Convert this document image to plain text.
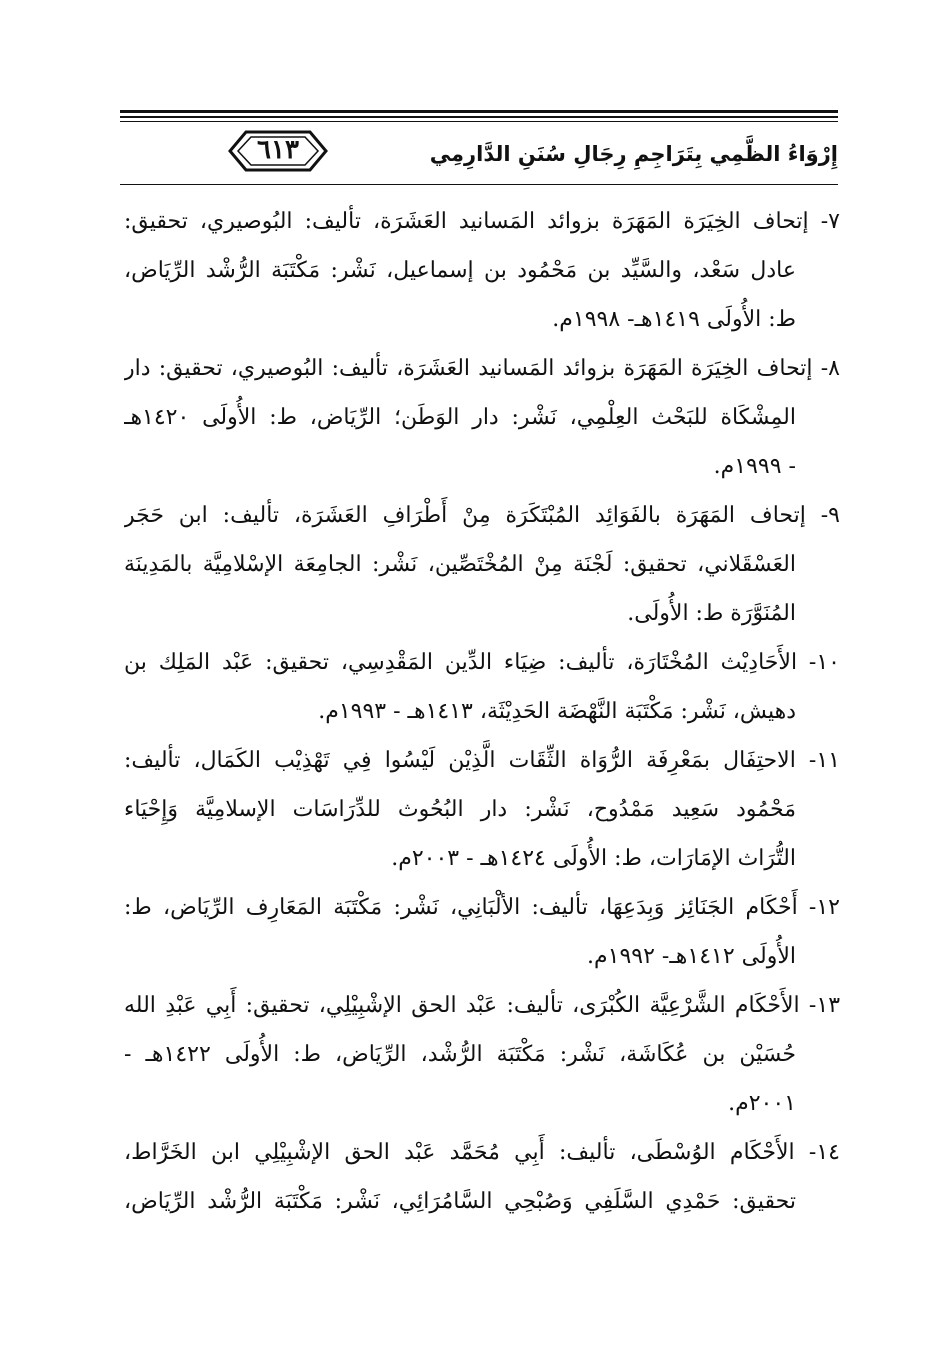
٦١٣	إِرْوَاءُ الظَّمِي بِتَرَاجِمِ رِجَالِ سُنَنِ الدَّارِمِي
٧- إتحاف الخِيَرَة المَهَرَة بزوائد المَسانيد العَشَرَة، تأليف: البُوصيري، تحقيق:
عادل سَعْد، والسَّيِّد بن مَحْمُود بن إسماعيل، نَشْر: مَكْتَبَة الرُّشْد الرِّيَاض،
ط: الأُولَى ١٤١٩هـ- ١٩٩٨م.
٨- إتحاف الخِيَرَة المَهَرَة بزوائد المَسانيد العَشَرَة، تأليف: البُوصيري، تحقيق: دار
المِشْكَاة للبَحْث العِلْمِي، نَشْر: دار الوَطَن؛ الرِّيَاض، ط: الأُولَى ١٤٢٠هـ
- ١٩٩٩م.
٩- إتحاف المَهَرَة بالفَوَائِد المُبْتَكَرَة مِنْ أَطْرَافِ العَشَرَة، تأليف: ابن حَجَر
العَسْقَلاني، تحقيق: لَجْنَة مِنْ المُخْتَصِّين، نَشْر: الجامِعَة الإسْلامِيَّة بالمَدِينَة
المُنَوَّرَة ط: الأُولَى.
١٠- الأَحَادِيْث المُخْتَارَة، تأليف: ضِيَاء الدِّين المَقْدِسِي، تحقيق: عَبْد المَلِك بن
دهيش، نَشْر: مَكْتَبَة النَّهْضَة الحَدِيْثَة، ١٤١٣هـ - ١٩٩٣م.
١١- الاحتِفَال بمَعْرِفَة الرُّوَاة الثِّقَات الَّذِيْن لَيْسُوا فِي تَهْذِيْب الكَمَال، تأليف:
مَحْمُود سَعِيد مَمْدُوح، نَشْر: دار البُحُوث للدِّرَاسَات الإسلامِيَّة وَإِحْيَاء
التُّرَاث الإمَارَات، ط: الأُولَى ١٤٢٤هـ - ٢٠٠٣م.
١٢- أَحْكَام الجَنَائِز وَبِدَعِهَا، تأليف: الألْبَانِي، نَشْر: مَكْتَبَة المَعَارِف الرِّيَاض، ط:
الأُولَى ١٤١٢هـ- ١٩٩٢م.
١٣- الأَحْكَام الشَّرْعِيَّة الكُبْرَى، تأليف: عَبْد الحق الإشْبِيْلِي، تحقيق: أَبِي عَبْدِ الله
حُسَيْن بن عُكَاشَة، نَشْر: مَكْتَبَة الرُّشْد، الرِّيَاض، ط: الأُولَى ١٤٢٢هـ -
٢٠٠١م.
١٤- الأَحْكَام الوُسْطَى، تأليف: أَبِي مُحَمَّد عَبْد الحق الإشْبِيْلِي ابن الخَرَّاط،
تحقيق: حَمْدِي السَّلَفِي وَصُبْحِي السَّامُرَائِي، نَشْر: مَكْتَبَة الرُّشْد الرِّيَاض،
